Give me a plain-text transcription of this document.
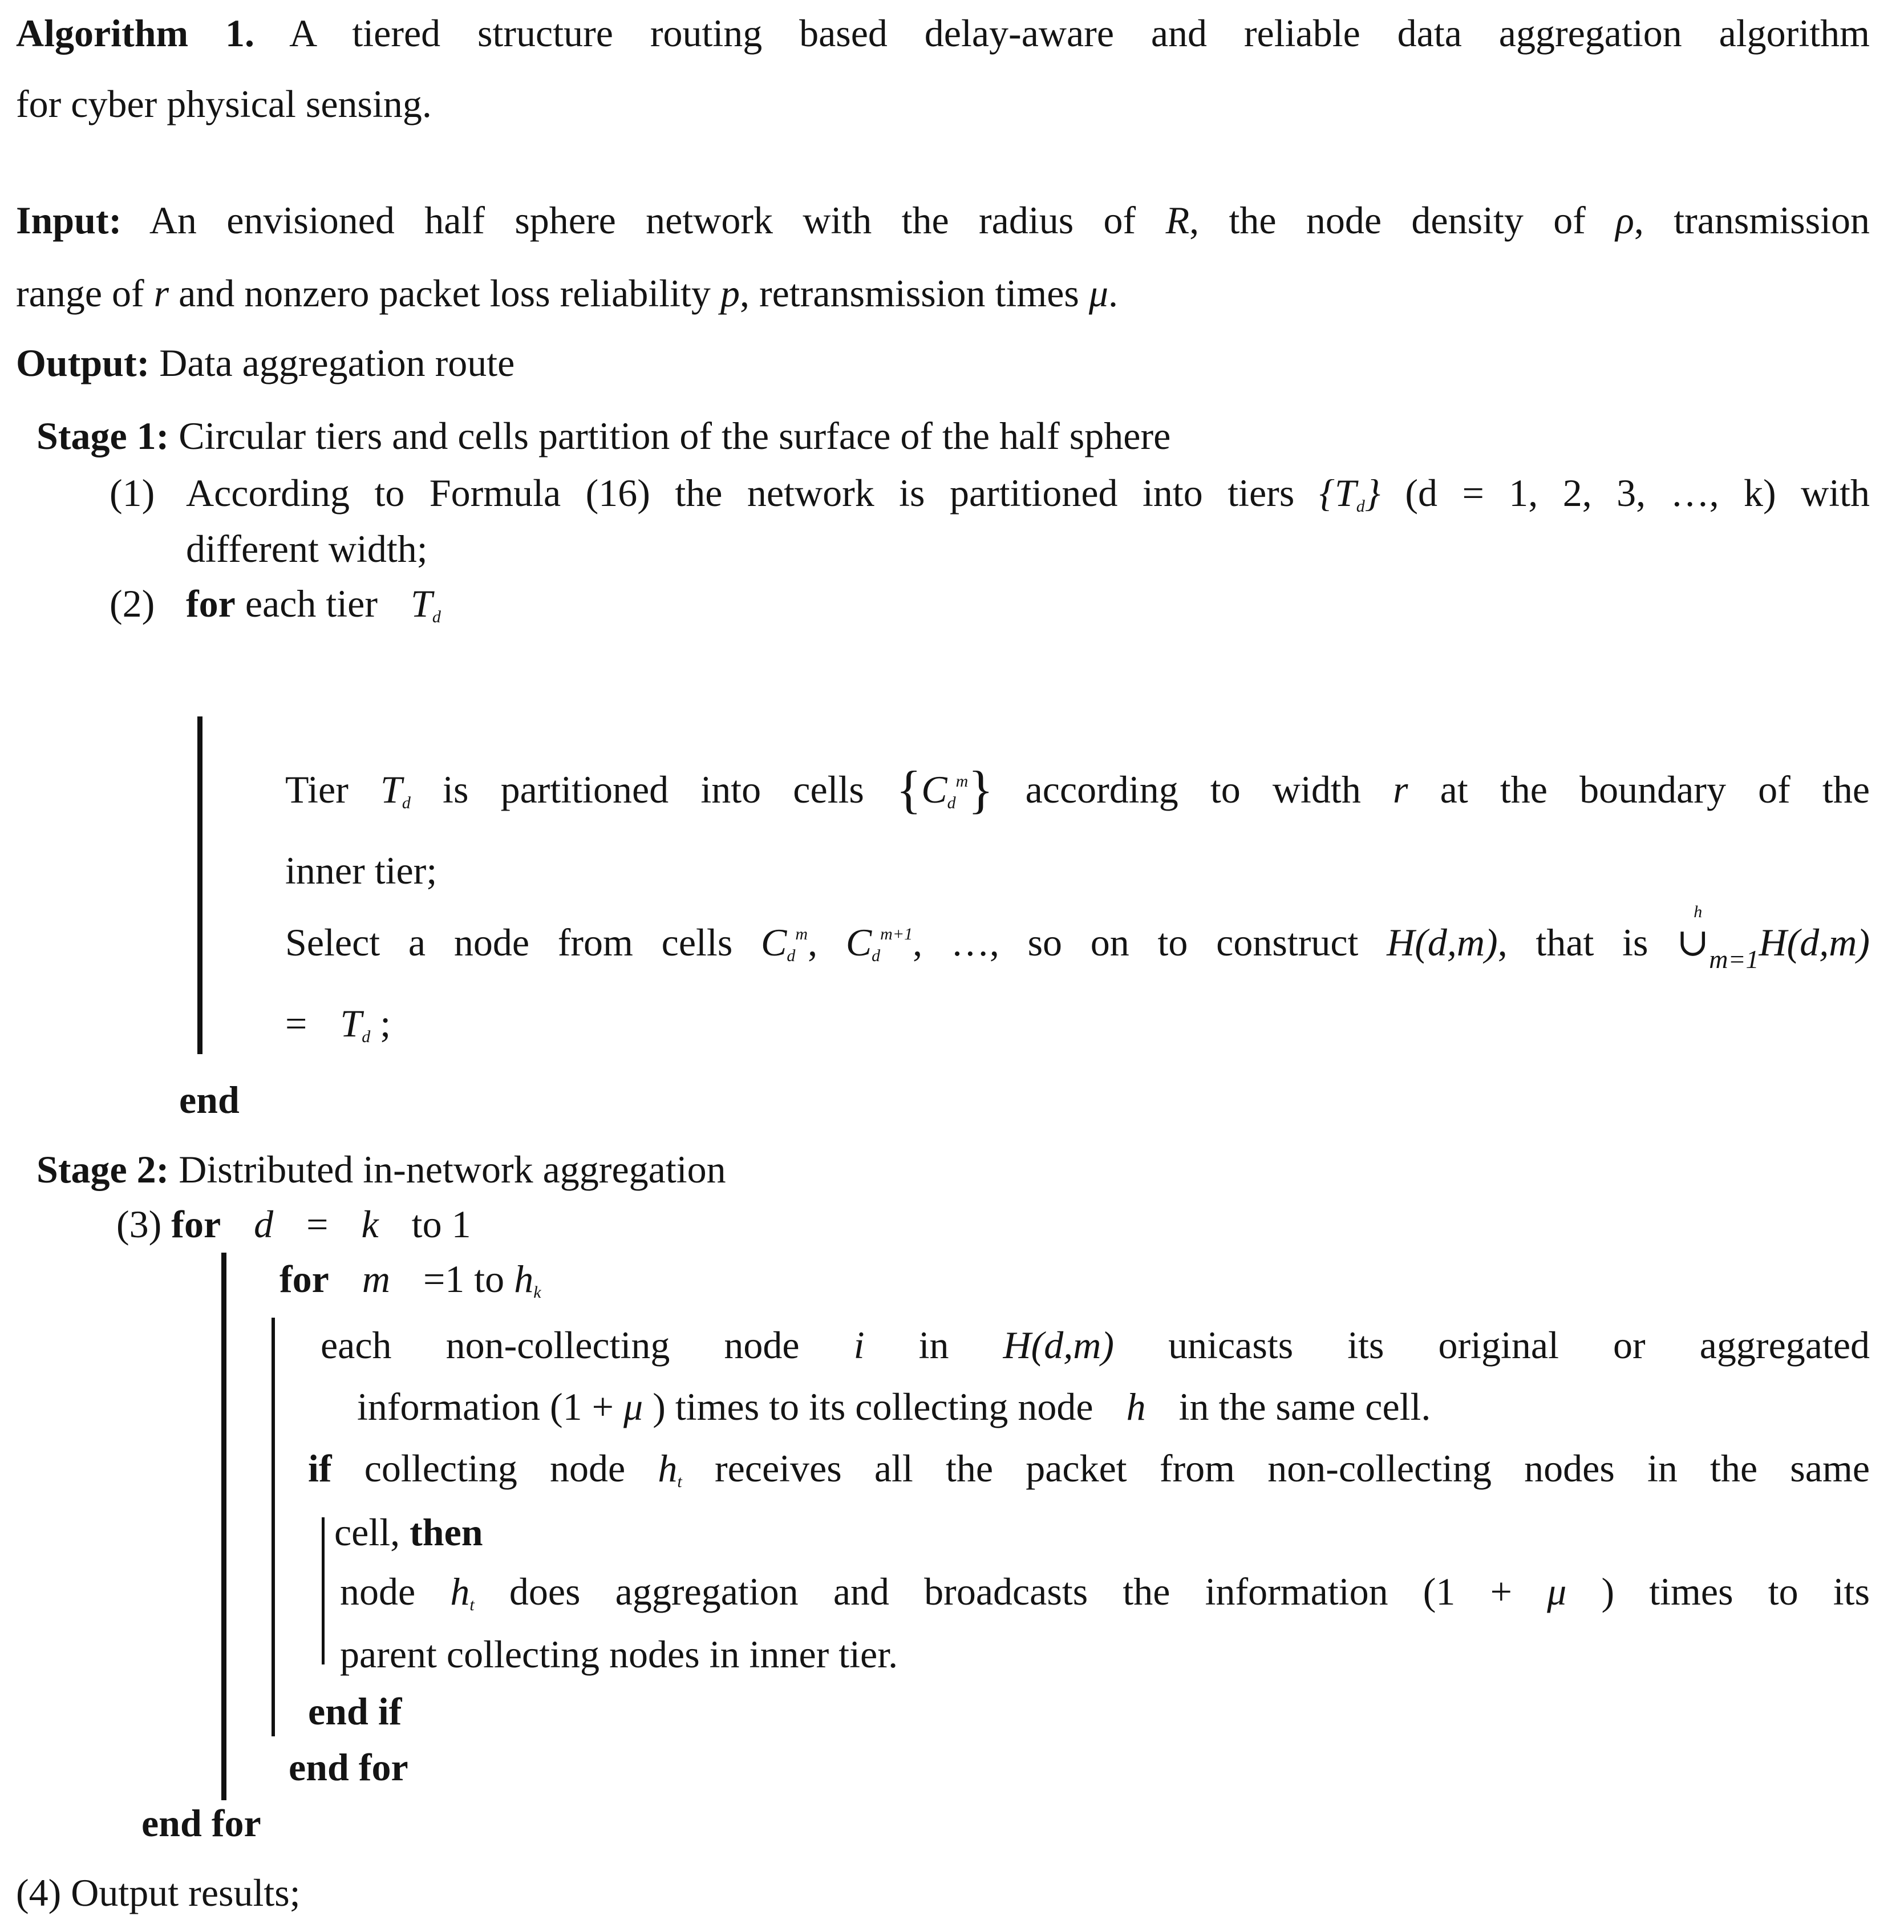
Algorithm 1. A tiered structure routing based delay-aware and reliable data aggregation algorithm
for cyber physical sensing.
Input: An envisioned half sphere network with the radius of R, the node density of ρ, transmission
range of r and nonzero packet loss reliability p, retransmission times μ.
Output: Data aggregation route
Stage 1: Circular tiers and cells partition of the surface of the half sphere
(1) According to Formula (16) the network is partitioned into tiers $\{T_d\} (d = 1$, 2, 3, …, k) with
different width;
(2) for each tier $T_d$
Tier $T_d$ is partitioned into cells $\{C_d^m\}$ according to width r at the boundary of the
inner tier;
Select a node from cells $C_d^m$, $C_d^{m+1}$, …, so on to construct H(d,m), that is ∪
h
$_{m=1}$H(d,m)
= $T_d$ ;
end
Stage 2: Distributed in-network aggregation
(3) for d = k to 1
for m =1 to $h_k$
each non-collecting node i in H(d,m) unicasts its original or aggregated
information (1 + μ ) times to its collecting node h in the same cell.
if collecting node $h_t$ receives all the packet from non-collecting nodes in the same
cell, then
node $h_t$ does aggregation and broadcasts the information (1 + μ ) times to its
parent collecting nodes in inner tier.
end if
end for
end for
(4) Output results;
